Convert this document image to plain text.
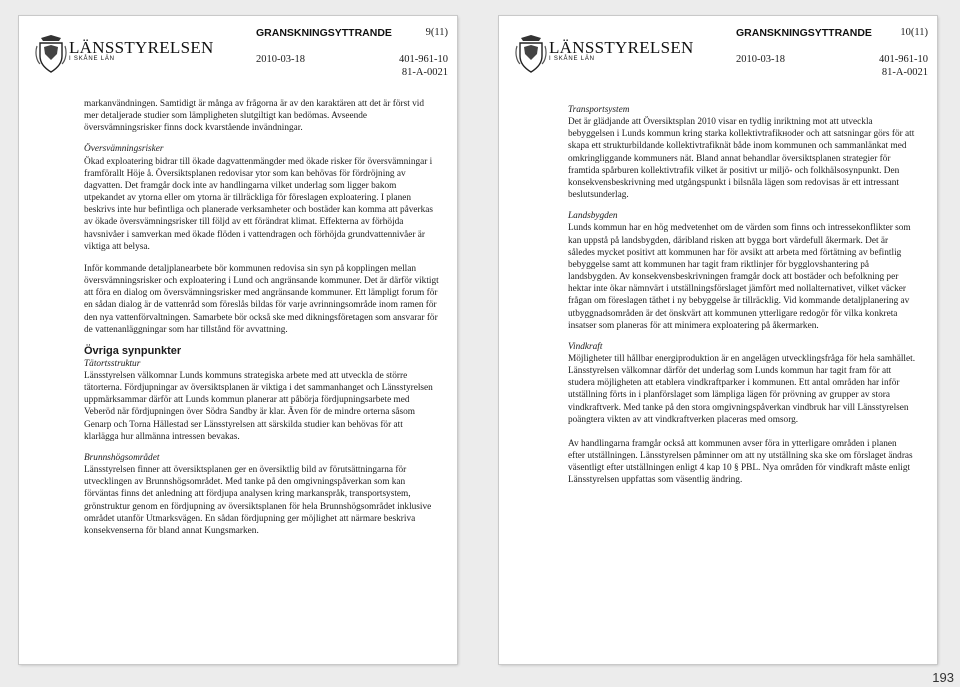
LÄNSSTYRELSEN
I SKÅNE LÄN
GRANSKNINGSYTTRANDE	9(11)
2010-03-18	401-961-10
81-A-0021

markanvändningen. Samtidigt är många av frågorna är av den karaktären att det är först vid mer detaljerade studier som lämpligheten slutgiltigt kan bedömas. Avseende översvämningsrisker finns dock kvarstående invändningar.

Översvämningsrisker
Ökad exploatering bidrar till ökade dagvattenmängder med ökade risker för översvämningar i framförallt Höje å. Översiktsplanen redovisar ytor som kan behövas för fördröjning av dagvatten. Det framgår dock inte av handlingarna vilket underlag som ligger bakom utpekandet av ytorna eller om ytorna är tillräckliga för föreslagen exploatering. I planen beskrivs inte hur befintliga och planerade verksamheter och bostäder kan komma att påverkas av ökade översvämningsrisker till följd av ett förändrat klimat. Effekterna av förhöjda havsnivåer i samverkan med ökade flöden i vattendragen och förhöjda grundvattennivåer är viktiga att belysa.

Inför kommande detaljplanearbete bör kommunen redovisa sin syn på kopplingen mellan översvämningsrisker och exploatering i Lund och angränsande kommuner. Det är därför viktigt att föra en dialog om översvämningsrisker med angränsande kommuner. Ett lämpligt forum för en sådan dialog är de vattenråd som föreslås bildas för varje avrinningsområde inom ramen för den nya vattenförvaltningen. Samarbete bör också ske med dikningsföretagen som ansvarar för de vattenanläggningar som har tillstånd för avvattning.

Övriga synpunkter

Tätortsstruktur
Länsstyrelsen välkomnar Lunds kommuns strategiska arbete med att utveckla de större tätorterna. Fördjupningar av översiktsplanen är viktiga i det sammanhanget och Länsstyrelsen uppmärksammar därför att Lunds kommun planerar att påbörja fördjupningsarbete med Veberöd när fördjupningen över Södra Sandby är klar. Även för de mindre orterna såsom Genarp och Torna Hällestad ser Länsstyrelsen att särskilda studier kan behövas för att klarlägga hur allmänna intressen bevakas.

Brunnshögsområdet
Länsstyrelsen finner att översiktsplanen ger en översiktlig bild av förutsättningarna för utvecklingen av Brunnshögsområdet. Med tanke på den omgivningspåverkan som kan förväntas finns det anledning att fördjupa analysen kring markanspråk, transportsystem, grönstruktur genom en fördjupning av översiktsplanen för hela Brunnshögsområdet inklusive området utanför Utmarksvägen. En sådan fördjupning ger möjlighet att närmare beskriva konsekvenserna för bland annat Kungsmarken.

LÄNSSTYRELSEN
I SKÅNE LÄN
GRANSKNINGSYTTRANDE	10(11)
2010-03-18	401-961-10
81-A-0021

Transportsystem
Det är glädjande att Översiktsplan 2010 visar en tydlig inriktning mot att utveckla bebyggelsen i Lunds kommun kring starka kollektivtrafikноder och att satsningar görs för att skapa ett strukturbildande kollektivtrafiknät både inom kommunen och sammanlänkat med omkringliggande kommuners nät. Bland annat behandlar översiktsplanen strategier för framtida spårburen kollektivtrafik vilket är positivt ur miljö- och folkhälsosynpunkt. Den konsekvensbeskrivning med utgångspunkt i bilsnåla lägen som redovisas är ett intressant beslutsunderlag.

Landsbygden
Lunds kommun har en hög medvetenhet om de värden som finns och intressekonflikter som kan uppstå på landsbygden, däribland risken att bygga bort värdefull åkermark. Det är således mycket positivt att kommunen har för avsikt att arbeta med förtätning av befintlig bebyggelse samt att kommunen har tagit fram riktlinjer för bygglovshantering på landsbygden. Av konsekvensbeskrivningen framgår dock att bostäder och befolkning per hektar inte ökar nämnvärt i utställningsförslaget jämfört med nollalternativet, vilket väcker frågan om föreslagen täthet i ny bebyggelse är tillräcklig. Vid kommande detaljplanering av utbyggnadsområden är det önskvärt att kommunen ytterligare redogör för vilka konkreta insatser som planeras för att minimera exploatering på åkermarken.

Vindkraft
Möjligheter till hållbar energiproduktion är en angelägen utvecklingsfråga för hela samhället. Länsstyrelsen välkomnar därför det underlag som Lunds kommun har tagit fram för att studera möjligheten att etablera vindkraftparker i kommunen. Ett antal områden har inför utställning förts in i planförslaget som lämpliga lägen för prövning av grupper av stora vindkraftverk. Med tanke på den stora omgivningspåverkan vindbruk har vill Länsstyrelsen poängtera vikten av att vindkraftverken placeras med omsorg.

Av handlingarna framgår också att kommunen avser föra in ytterligare områden i planen efter utställningen. Länsstyrelsen påminner om att ny utställning ska ske om förslaget ändras väsentligt efter utställningen enligt 4 kap 10 § PBL. Nya områden för vindkraft måste enligt Länsstyrelsen uppfattas som väsentlig ändring.

193
